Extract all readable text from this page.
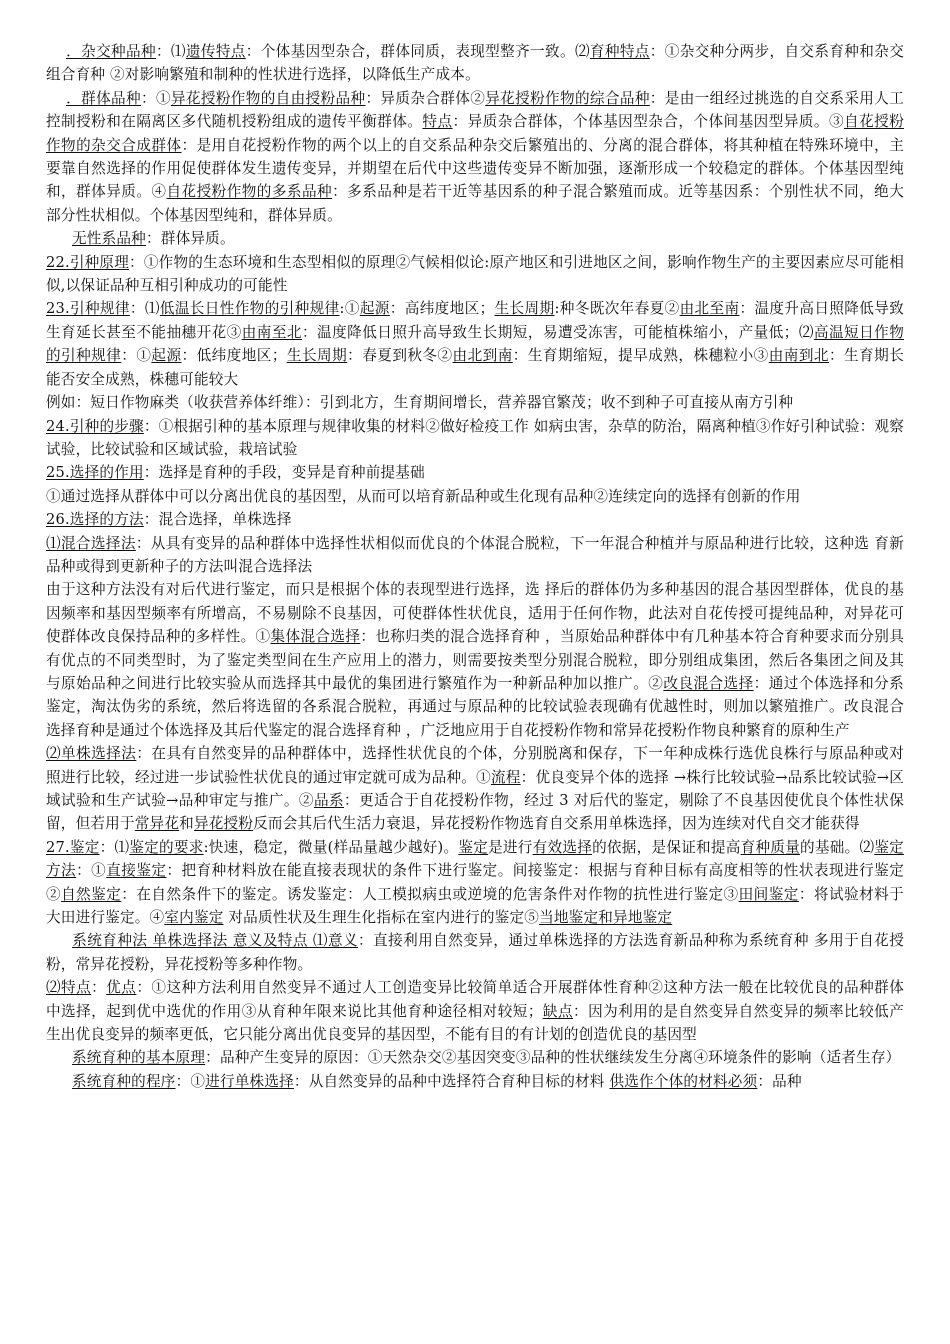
．杂交种品种：⑴遗传特点：个体基因型杂合，群体同质，表现型整齐一致。⑵育种特点：①杂交种分两步，自交系育种和杂交组合育种 ②对影响繁殖和制种的性状进行选择，以降低生产成本。

．群体品种：①异花授粉作物的自由授粉品种：异质杂合群体②异花授粉作物的综合品种：是由一组经过挑选的自交系采用人工控制授粉和在隔离区多代随机授粉组成的遗传平衡群体。特点：异质杂合群体，个体基因型杂合，个体间基因型异质。③自花授粉作物的杂交合成群体：是用自花授粉作物的两个以上的自交系品种杂交后繁殖出的、分离的混合群体，将其种植在特殊环境中，主要靠自然选择的作用促使群体发生遗传变异，并期望在后代中这些遗传变异不断加强，逐渐形成一个较稳定的群体。个体基因型纯和，群体异质。④自花授粉作物的多系品种：多系品种是若干近等基因系的种子混合繁殖而成。近等基因系：个别性状不同，绝大部分性状相似。个体基因型纯和，群体异质。

无性系品种：群体异质。

22.引种原理：①作物的生态环境和生态型相似的原理②气候相似论:原产地区和引进地区之间，影响作物生产的主要因素应尽可能相似,以保证品种互相引种成功的可能性

23.引种规律：⑴低温长日性作物的引种规律:①起源：高纬度地区；生长周期:种冬既次年春夏②由北至南：温度升高日照降低导致生育延长甚至不能抽穗开花③由南至北：温度降低日照升高导致生长期短，易遭受冻害，可能植株缩小，产量低；⑵高温短日作物的引种规律：①起源：低纬度地区；生长周期：春夏到秋冬②由北到南：生育期缩短，提早成熟，株穗粒小③由南到北：生育期长能否安全成熟，株穗可能较大

例如：短日作物麻类（收获营养体纤维）：引到北方，生育期间增长，营养器官繁茂；收不到种子可直接从南方引种

24.引种的步骤：①根据引种的基本原理与规律收集的材料②做好检疫工作 如病虫害，杂草的防治，隔离种植③作好引种试验：观察试验，比较试验和区域试验，栽培试验

25.选择的作用：选择是育种的手段，变异是育种前提基础

①通过选择从群体中可以分离出优良的基因型，从而可以培育新品种或生化现有品种②连续定向的选择有创新的作用

26.选择的方法：混合选择，单株选择

⑴混合选择法：从具有变异的品种群体中选择性状相似而优良的个体混合脱粒，下一年混合种植并与原品种进行比较，这种选 育新品种或得到更新种子的方法叫混合选择法

由于这种方法没有对后代进行鉴定，而只是根据个体的表现型进行选择，选 择后的群体仍为多种基因的混合基因型群体，优良的基因频率和基因型频率有所增高，不易剔除不良基因，可使群体性状优良，适用于任何作物，此法对自花传授可提纯品种，对异花可使群体改良保持品种的多样性。①集体混合选择：也称归类的混合选择育种 ，当原始品种群体中有几种基本符合育种要求而分别具有优点的不同类型时，为了鉴定类型间在生产应用上的潜力，则需要按类型分别混合脱粒，即分别组成集团，然后各集团之间及其与原始品种之间进行比较实验从而选择其中最优的集团进行繁殖作为一种新品种加以推广。②改良混合选择：通过个体选择和分系鉴定，淘汰伪劣的系统，然后将选留的各系混合脱粒，再通过与原品种的比较试验表现确有优越性时，则加以繁殖推广。改良混合选择育种是通过个体选择及其后代鉴定的混合选择育种 ，广泛地应用于自花授粉作物和常异花授粉作物良种繁育的原种生产

⑵单株选择法：在具有自然变异的品种群体中，选择性状优良的个体，分别脱离和保存，下一年种成株行选优良株行与原品种或对照进行比较，经过进一步试验性状优良的通过审定就可成为品种。①流程：优良变异个体的选择 →株行比较试验→品系比较试验→区域试验和生产试验→品种审定与推广。②品系：更适合于自花授粉作物，经过 3 对后代的鉴定，剔除了不良基因使优良个体性状保留，但若用于常异花和异花授粉反而会其后代生活力衰退，异花授粉作物选育自交系用单株选择，因为连续对代自交才能获得

27.鉴定：⑴鉴定的要求:快速，稳定，微量(样品量越少越好)。鉴定是进行有效选择的依据，是保证和提高育种质量的基础。⑵鉴定方法：①直接鉴定：把育种材料放在能直接表现状的条件下进行鉴定。间接鉴定：根据与育种目标有高度相等的性状表现进行鉴定②自然鉴定：在自然条件下的鉴定。诱发鉴定：人工模拟病虫或逆境的危害条件对作物的抗性进行鉴定③田间鉴定：将试验材料于大田进行鉴定。④室内鉴定 对品质性状及生理生化指标在室内进行的鉴定⑤当地鉴定和异地鉴定

系统育种法 单株选择法 意义及特点 ⑴意义：直接利用自然变异，通过单株选择的方法选育新品种称为系统育种 多用于自花授粉，常异花授粉，异花授粉等多种作物。

⑵特点：优点：①这种方法利用自然变异不通过人工创造变异比较简单适合开展群体性育种②这种方法一般在比较优良的品种群体中选择，起到优中选优的作用③从育种年限来说比其他育种途径相对较短；缺点：因为利用的是自然变异自然变异的频率比较低产生出优良变异的频率更低，它只能分离出优良变异的基因型，不能有目的有计划的创造优良的基因型

系统育种的基本原理：品种产生变异的原因：①天然杂交②基因突变③品种的性状继续发生分离④环境条件的影响（适者生存）

系统育种的程序：①进行单株选择：从自然变异的品种中选择符合育种目标的材料 供选作个体的材料必须：品种
